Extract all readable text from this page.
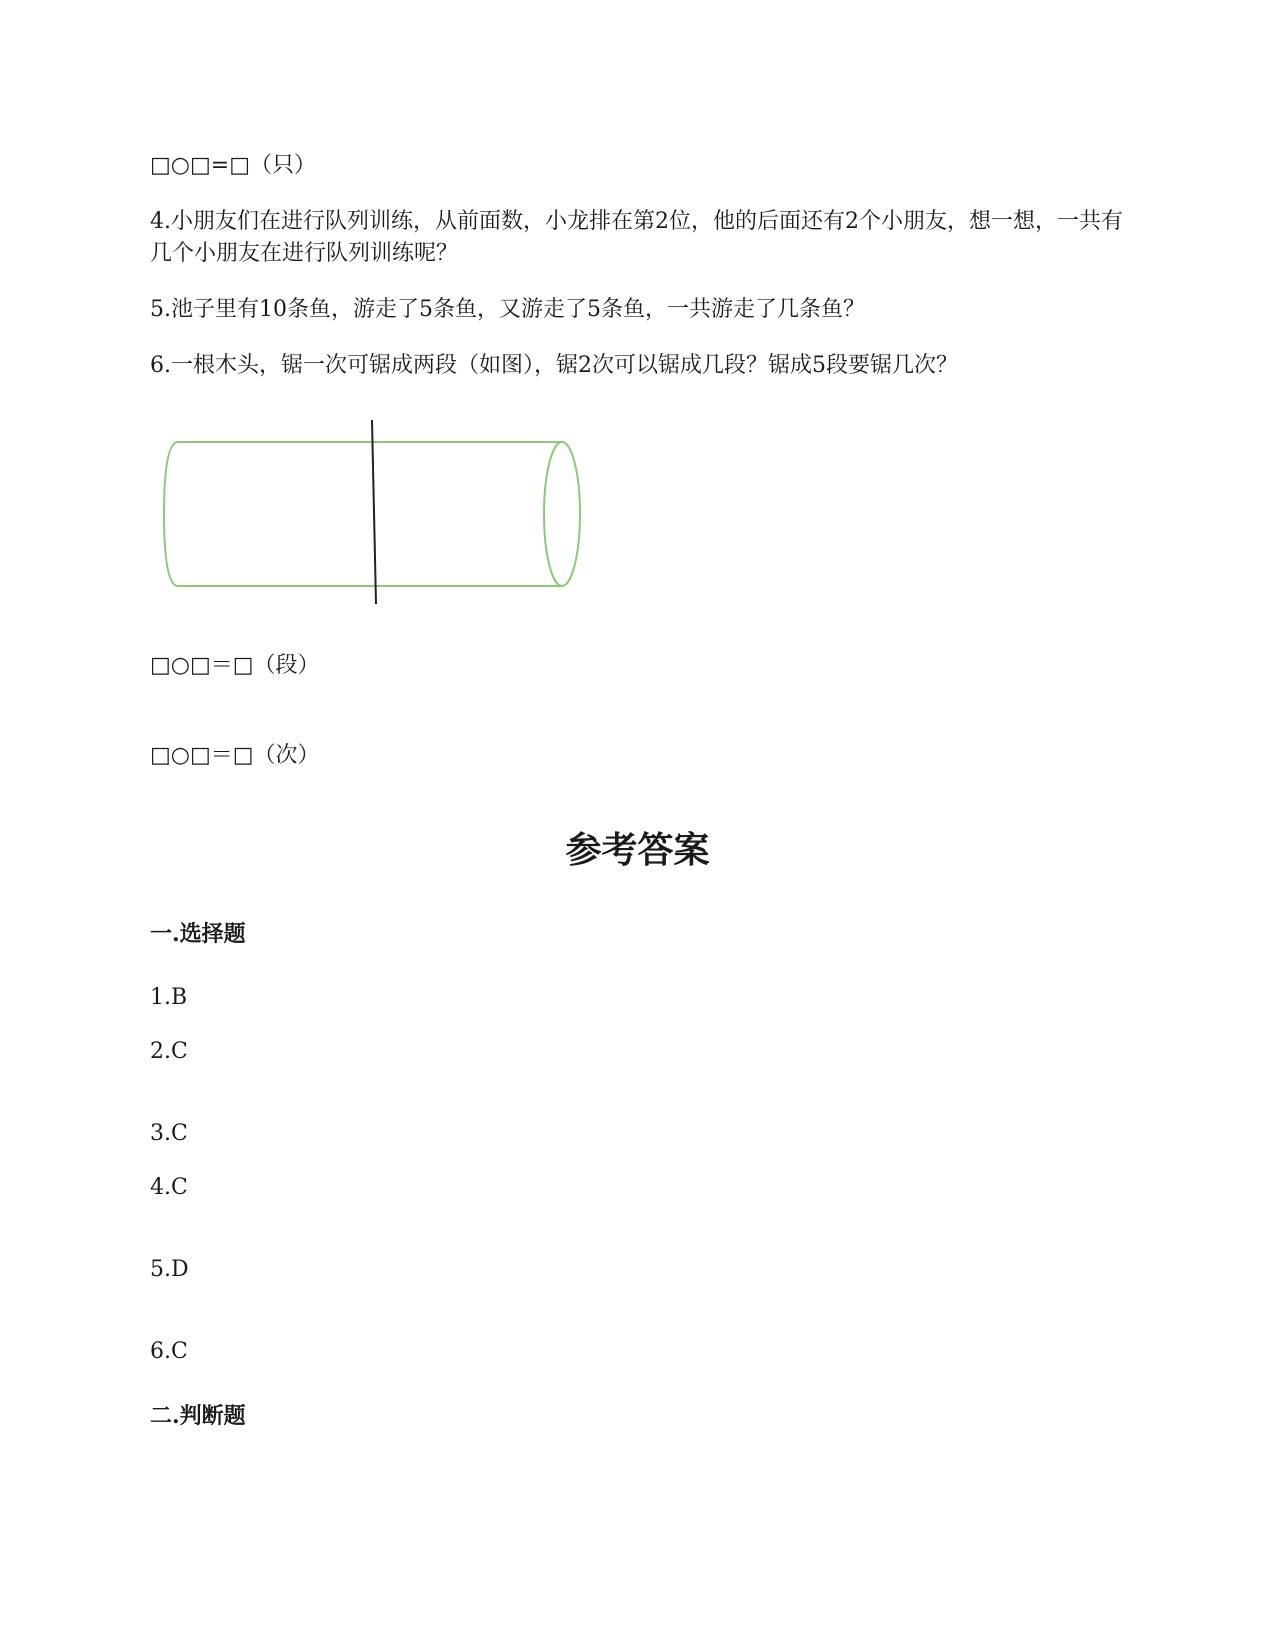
□○□=□（只）
4.小朋友们在进行队列训练，从前面数，小龙排在第2位，他的后面还有2个小朋友，想一想，一共有几个小朋友在进行队列训练呢？
5.池子里有10条鱼，游走了5条鱼，又游走了5条鱼，一共游走了几条鱼？
6.一根木头，锯一次可锯成两段（如图），锯2次可以锯成几段？锯成5段要锯几次？
□○□＝□（段）
□○□＝□（次）
参考答案
一.选择题
1.B
2.C
3.C
4.C
5.D
6.C
二.判断题
